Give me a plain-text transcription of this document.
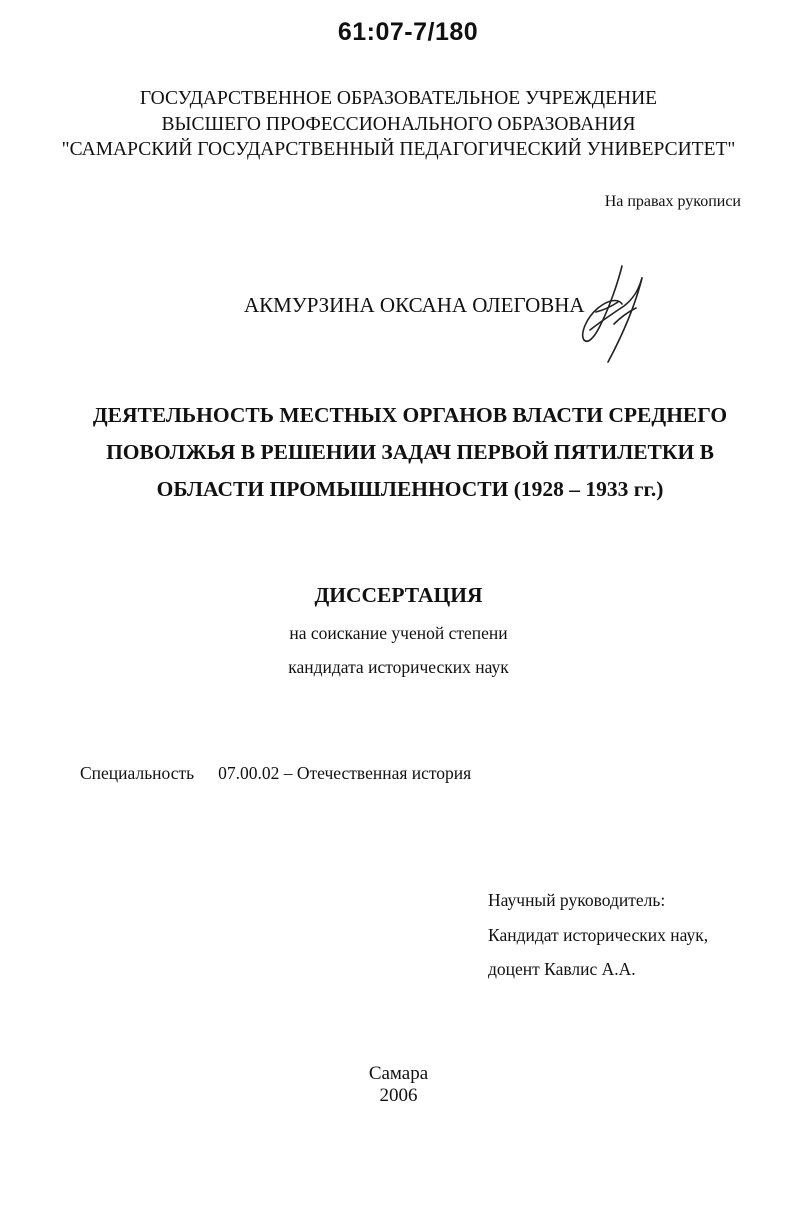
61:07-7/180
ГОСУДАРСТВЕННОЕ ОБРАЗОВАТЕЛЬНОЕ УЧРЕЖДЕНИЕ
ВЫСШЕГО ПРОФЕССИОНАЛЬНОГО ОБРАЗОВАНИЯ
"САМАРСКИЙ ГОСУДАРСТВЕННЫЙ ПЕДАГОГИЧЕСКИЙ УНИВЕРСИТЕТ"
На правах рукописи
АКМУРЗИНА ОКСАНА ОЛЕГОВНА
ДЕЯТЕЛЬНОСТЬ МЕСТНЫХ ОРГАНОВ ВЛАСТИ СРЕДНЕГО
ПОВОЛЖЬЯ В РЕШЕНИИ ЗАДАЧ ПЕРВОЙ ПЯТИЛЕТКИ В
ОБЛАСТИ ПРОМЫШЛЕННОСТИ (1928 – 1933 гг.)
ДИССЕРТАЦИЯ
на соискание ученой степени
кандидата исторических наук
Специальность 07.00.02 – Отечественная история
Научный руководитель:
Кандидат исторических наук,
доцент Кавлис А.А.
Самара
2006
